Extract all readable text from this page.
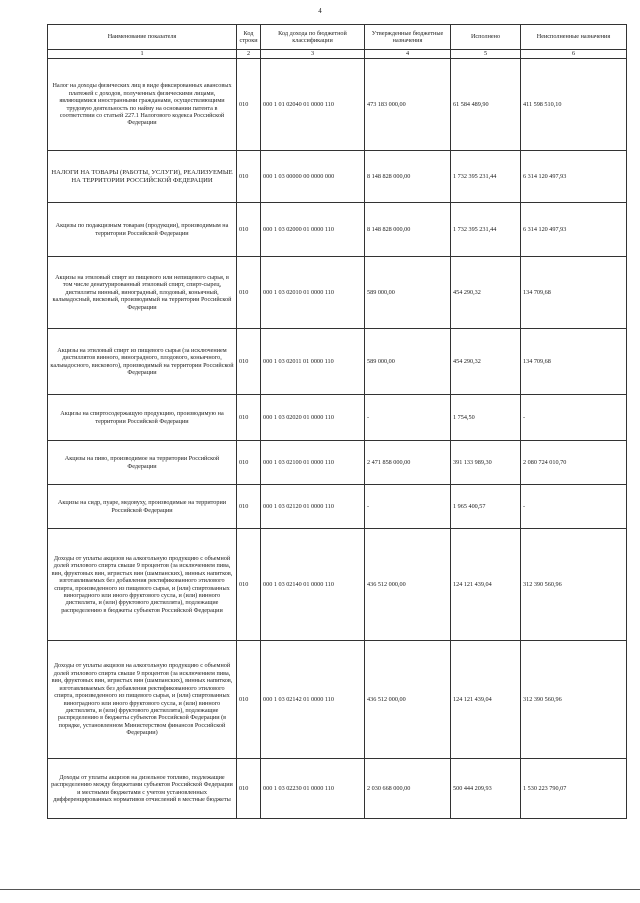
4
Наименование показателя	Код строки	Код дохода по бюджетной классификации	Утвержденные бюджетные назначения	Исполнено	Неисполненные назначения
1	2	3	4	5	6
Налог на доходы физических лиц в виде фиксированных авансовых платежей с доходов, полученных физическими лицами, являющимися иностранными гражданами, осуществляющими трудовую деятельность по найму на основании патента в соответствии со статьей 227.1 Налогового кодекса Российской Федерации	010	000 1 01 02040 01 0000 110	473 183 000,00	61 584 489,90	411 598 510,10
НАЛОГИ НА ТОВАРЫ (РАБОТЫ, УСЛУГИ), РЕАЛИЗУЕМЫЕ НА ТЕРРИТОРИИ РОССИЙСКОЙ ФЕДЕРАЦИИ	010	000 1 03 00000 00 0000 000	8 148 828 000,00	1 732 395 231,44	6 314 120 497,93
Акцизы по подакцизным товарам (продукции), производимым на территории Российской Федерации	010	000 1 03 02000 01 0000 110	8 148 828 000,00	1 732 395 231,44	6 314 120 497,93
Акцизы на этиловый спирт из пищевого или непищевого сырья, в том числе денатурированный этиловый спирт, спирт-сырец, дистилляты винный, виноградный, плодовый, коньячный, кальвадосный, висковый, производимый на территории Российской Федерации	010	000 1 03 02010 01 0000 110	589 000,00	454 290,32	134 709,68
Акцизы на этиловый спирт из пищевого сырья (за исключением дистиллятов винного, виноградного, плодового, коньячного, кальвадосного, вискового), производимый на территории Российской Федерации	010	000 1 03 02011 01 0000 110	589 000,00	454 290,32	134 709,68
Акцизы на спиртосодержащую продукцию, производимую на территории Российской Федерации	010	000 1 03 02020 01 0000 110	-	1 754,50	-
Акцизы на пиво, производимое на территории Российской Федерации	010	000 1 03 02100 01 0000 110	2 471 858 000,00	391 133 989,30	2 080 724 010,70
Акцизы на сидр, пуаре, медовуху, производимые на территории Российской Федерации	010	000 1 03 02120 01 0000 110	-	1 965 400,57	-
Доходы от уплаты акцизов на алкогольную продукцию с объемной долей этилового спирта свыше 9 процентов (за исключением пива, вин, фруктовых вин, игристых вин (шампанских), винных напитков, изготавливаемых без добавления ректификованного этилового спирта, произведенного из пищевого сырья, и (или) спиртованных виноградного или иного фруктового сусла, и (или) винного дистиллята, и (или) фруктового дистиллята), подлежащие распределению в бюджеты субъектов Российской Федерации	010	000 1 03 02140 01 0000 110	436 512 000,00	124 121 439,04	312 390 560,96
Доходы от уплаты акцизов на алкогольную продукцию с объемной долей этилового спирта свыше 9 процентов (за исключением пива, вин, фруктовых вин, игристых вин (шампанских), винных напитков, изготавливаемых без добавления ректификованного этилового спирта, произведенного из пищевого сырья, и (или) спиртованных виноградного или иного фруктового сусла, и (или) винного дистиллята, и (или) фруктового дистиллята), подлежащие распределению в бюджеты субъектов Российской Федерации (в порядке, установленном Министерством финансов Российской Федерации)	010	000 1 03 02142 01 0000 110	436 512 000,00	124 121 439,04	312 390 560,96
Доходы от уплаты акцизов на дизельное топливо, подлежащие распределению между бюджетами субъектов Российской Федерации и местными бюджетами с учетом установленных дифференцированных нормативов отчислений в местные бюджеты	010	000 1 03 02230 01 0000 110	2 030 668 000,00	500 444 209,93	1 530 223 790,07
